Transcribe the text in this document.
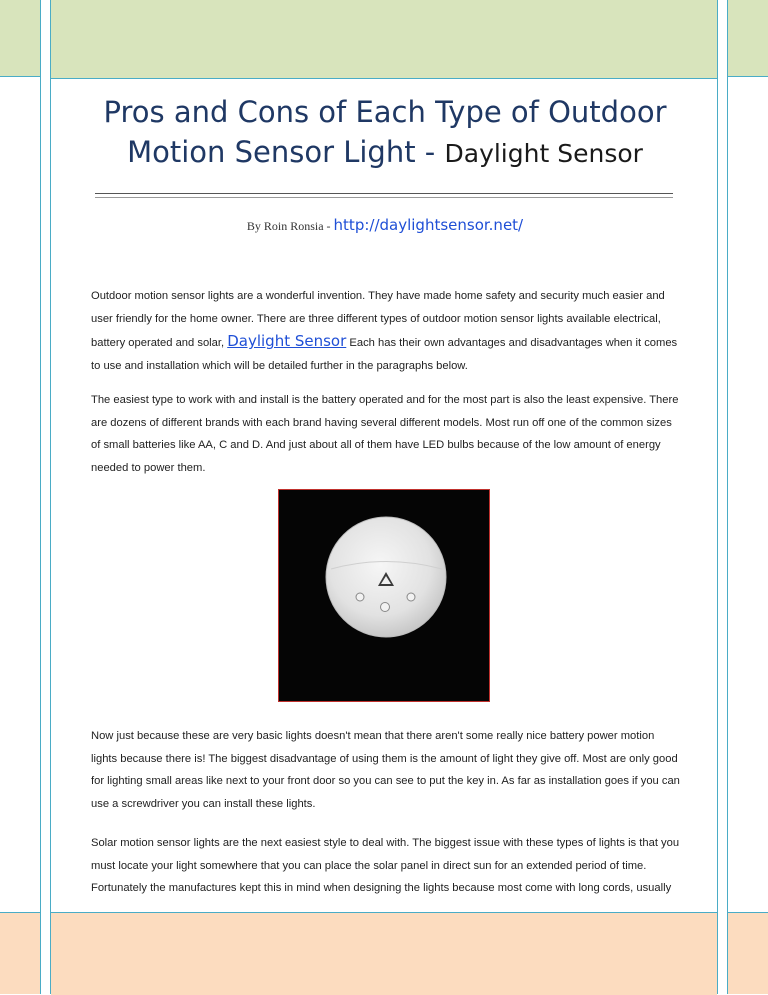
Pros and Cons of Each Type of Outdoor Motion Sensor Light - Daylight Sensor
By Roin Ronsia - http://daylightsensor.net/
Outdoor motion sensor lights are a wonderful invention. They have made home safety and security much easier and user friendly for the home owner. There are three different types of outdoor motion sensor lights available electrical, battery operated and solar, Daylight Sensor Each has their own advantages and disadvantages when it comes to use and installation which will be detailed further in the paragraphs below.
The easiest type to work with and install is the battery operated and for the most part is also the least expensive. There are dozens of different brands with each brand having several different models. Most run off one of the common sizes of small batteries like AA, C and D. And just about all of them have LED bulbs because of the low amount of energy needed to power them.
Now just because these are very basic lights doesn't mean that there aren't some really nice battery power motion lights because there is! The biggest disadvantage of using them is the amount of light they give off. Most are only good for lighting small areas like next to your front door so you can see to put the key in. As far as installation goes if you can use a screwdriver you can install these lights.
Solar motion sensor lights are the next easiest style to deal with. The biggest issue with these types of lights is that you must locate your light somewhere that you can place the solar panel in direct sun for an extended period of time. Fortunately the manufactures kept this in mind when designing the lights because most come with long cords, usually
